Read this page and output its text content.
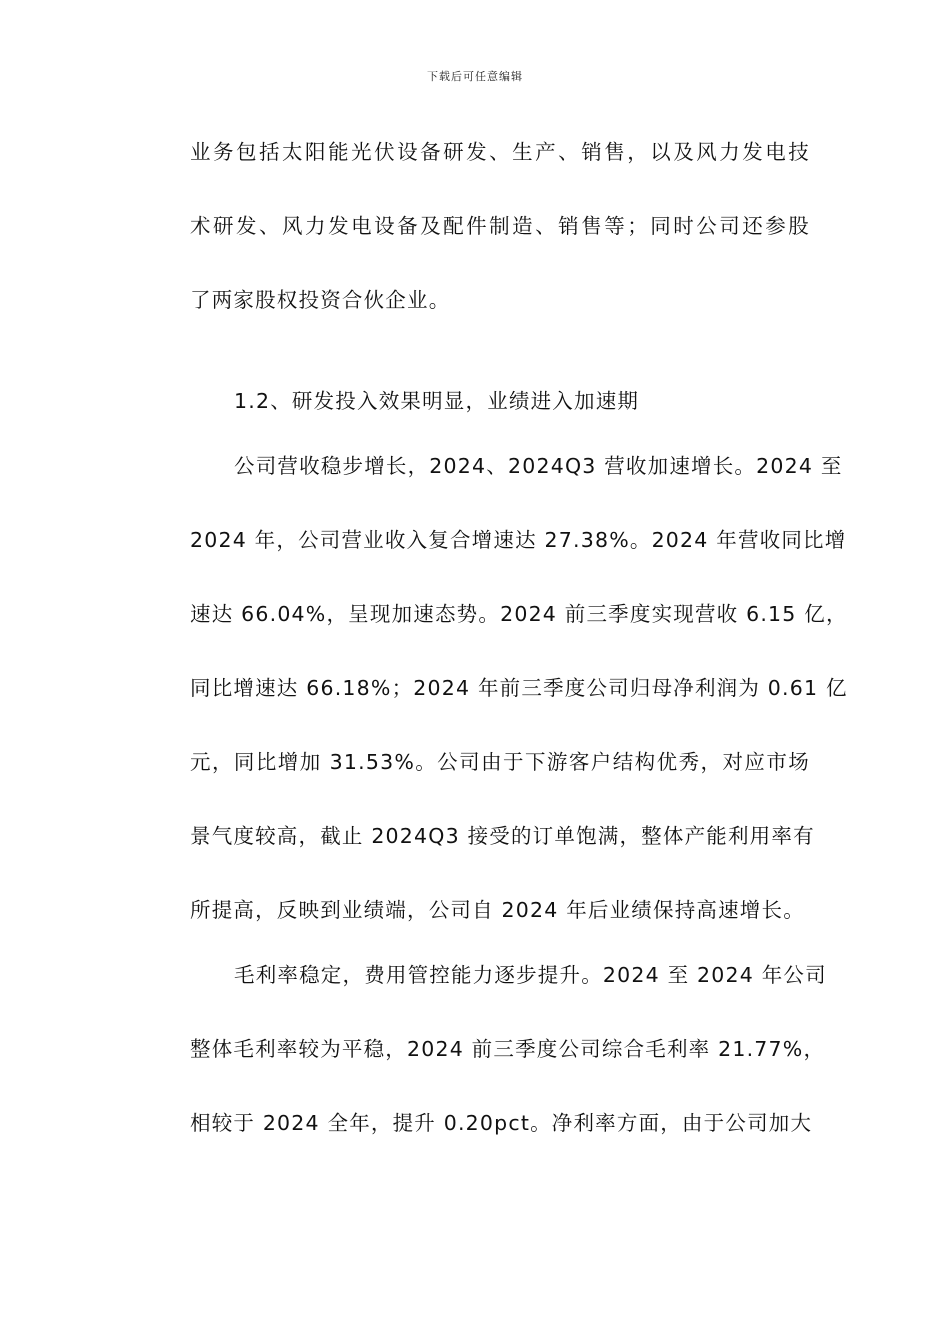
下载后可任意编辑
业务包括太阳能光伏设备研发、生产、销售，以及风力发电技
术研发、风力发电设备及配件制造、销售等；同时公司还参股
了两家股权投资合伙企业。
1.2、研发投入效果明显，业绩进入加速期
公司营收稳步增长，2024、2024Q3 营收加速增长。2024 至
2024 年，公司营业收入复合增速达 27.38%。2024 年营收同比增
速达 66.04%，呈现加速态势。2024 前三季度实现营收 6.15 亿，
同比增速达 66.18%；2024 年前三季度公司归母净利润为 0.61 亿
元，同比增加 31.53%。公司由于下游客户结构优秀，对应市场
景气度较高，截止 2024Q3 接受的订单饱满，整体产能利用率有
所提高，反映到业绩端，公司自 2024 年后业绩保持高速增长。
毛利率稳定，费用管控能力逐步提升。2024 至 2024 年公司
整体毛利率较为平稳，2024 前三季度公司综合毛利率 21.77%，
相较于 2024 全年，提升 0.20pct。净利率方面，由于公司加大
